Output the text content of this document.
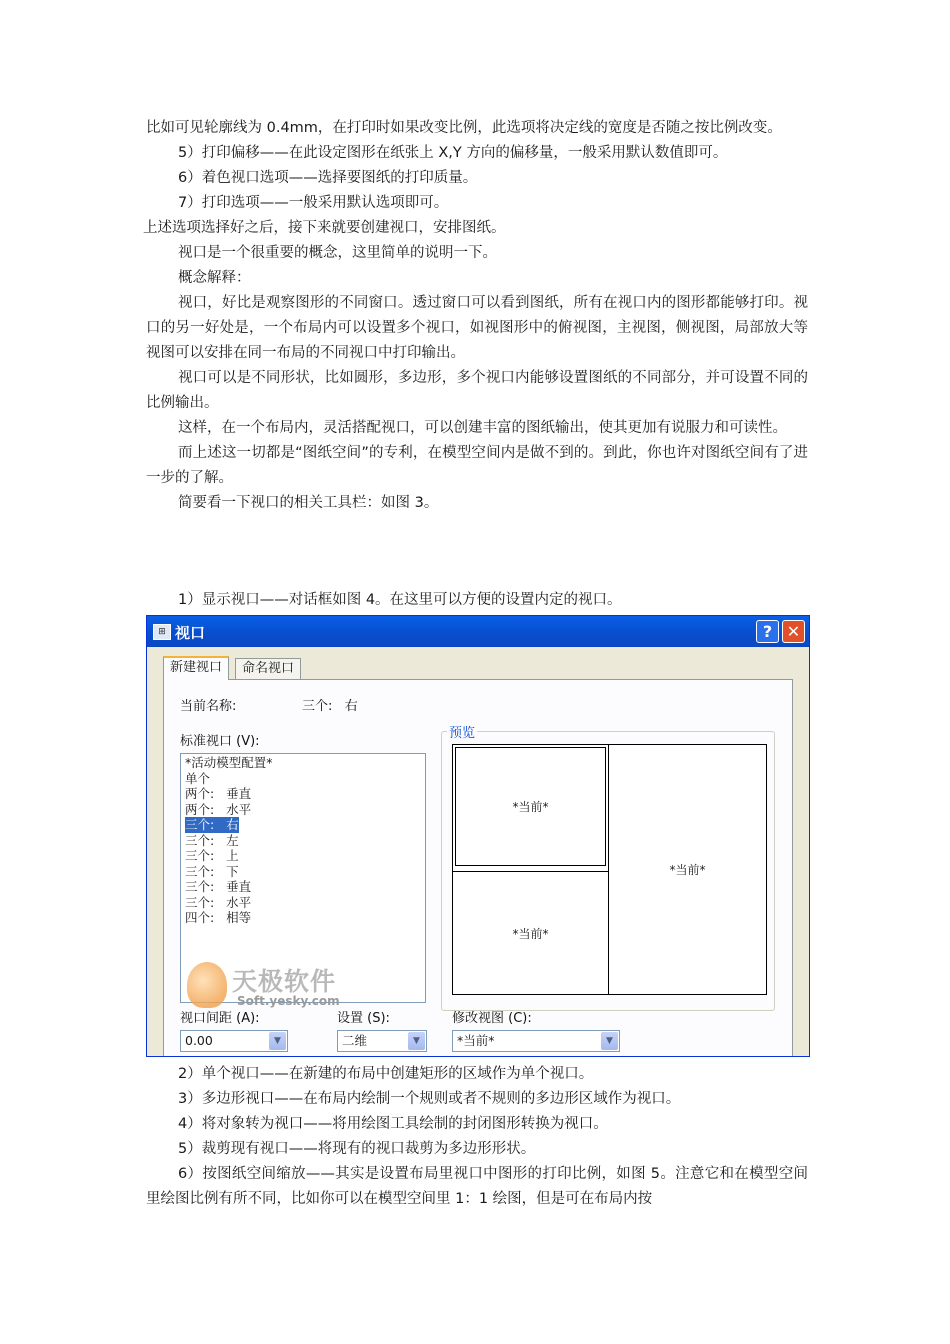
比如可见轮廓线为 0.4mm，在打印时如果改变比例，此选项将决定线的宽度是否随之按比例改变。

5）打印偏移——在此设定图形在纸张上 X,Y 方向的偏移量，一般采用默认数值即可。

6）着色视口选项——选择要图纸的打印质量。

7）打印选项——一般采用默认选项即可。

上述选项选择好之后，接下来就要创建视口，安排图纸。

视口是一个很重要的概念，这里简单的说明一下。

概念解释：

视口，好比是观察图形的不同窗口。透过窗口可以看到图纸，所有在视口内的图形都能够打印。视口的另一好处是，一个布局内可以设置多个视口，如视图形中的俯视图，主视图，侧视图，局部放大等视图可以安排在同一布局的不同视口中打印输出。

视口可以是不同形状，比如圆形，多边形，多个视口内能够设置图纸的不同部分，并可设置不同的比例输出。

这样，在一个布局内，灵活搭配视口，可以创建丰富的图纸输出，使其更加有说服力和可读性。

而上述这一切都是“图纸空间”的专利，在模型空间内是做不到的。到此，你也许对图纸空间有了进一步的了解。

简要看一下视口的相关工具栏：如图 3。

1）显示视口——对话框如图 4。在这里可以方便的设置内定的视口。

⊞ 视口	? ✕
新建视口	命名视口
当前名称:	三个:   右
标准视口 (V):
*活动模型配置*
单个
两个:   垂直
两个:   水平
三个:   右
三个:   左
三个:   上
三个:   下
三个:   垂直
三个:   水平
四个:   相等
预览
*当前*
*当前*
*当前*
天极软件
Soft.yesky.com
视口间距 (A):
0.00	▼
设置 (S):
二维	▼
修改视图 (C):
*当前*	▼

2）单个视口——在新建的布局中创建矩形的区域作为单个视口。

3）多边形视口——在布局内绘制一个规则或者不规则的多边形区域作为视口。

4）将对象转为视口——将用绘图工具绘制的封闭图形转换为视口。

5）裁剪现有视口——将现有的视口裁剪为多边形形状。

6）按图纸空间缩放——其实是设置布局里视口中图形的打印比例，如图 5。注意它和在模型空间里绘图比例有所不同，比如你可以在模型空间里 1：1 绘图，但是可在布局内按
